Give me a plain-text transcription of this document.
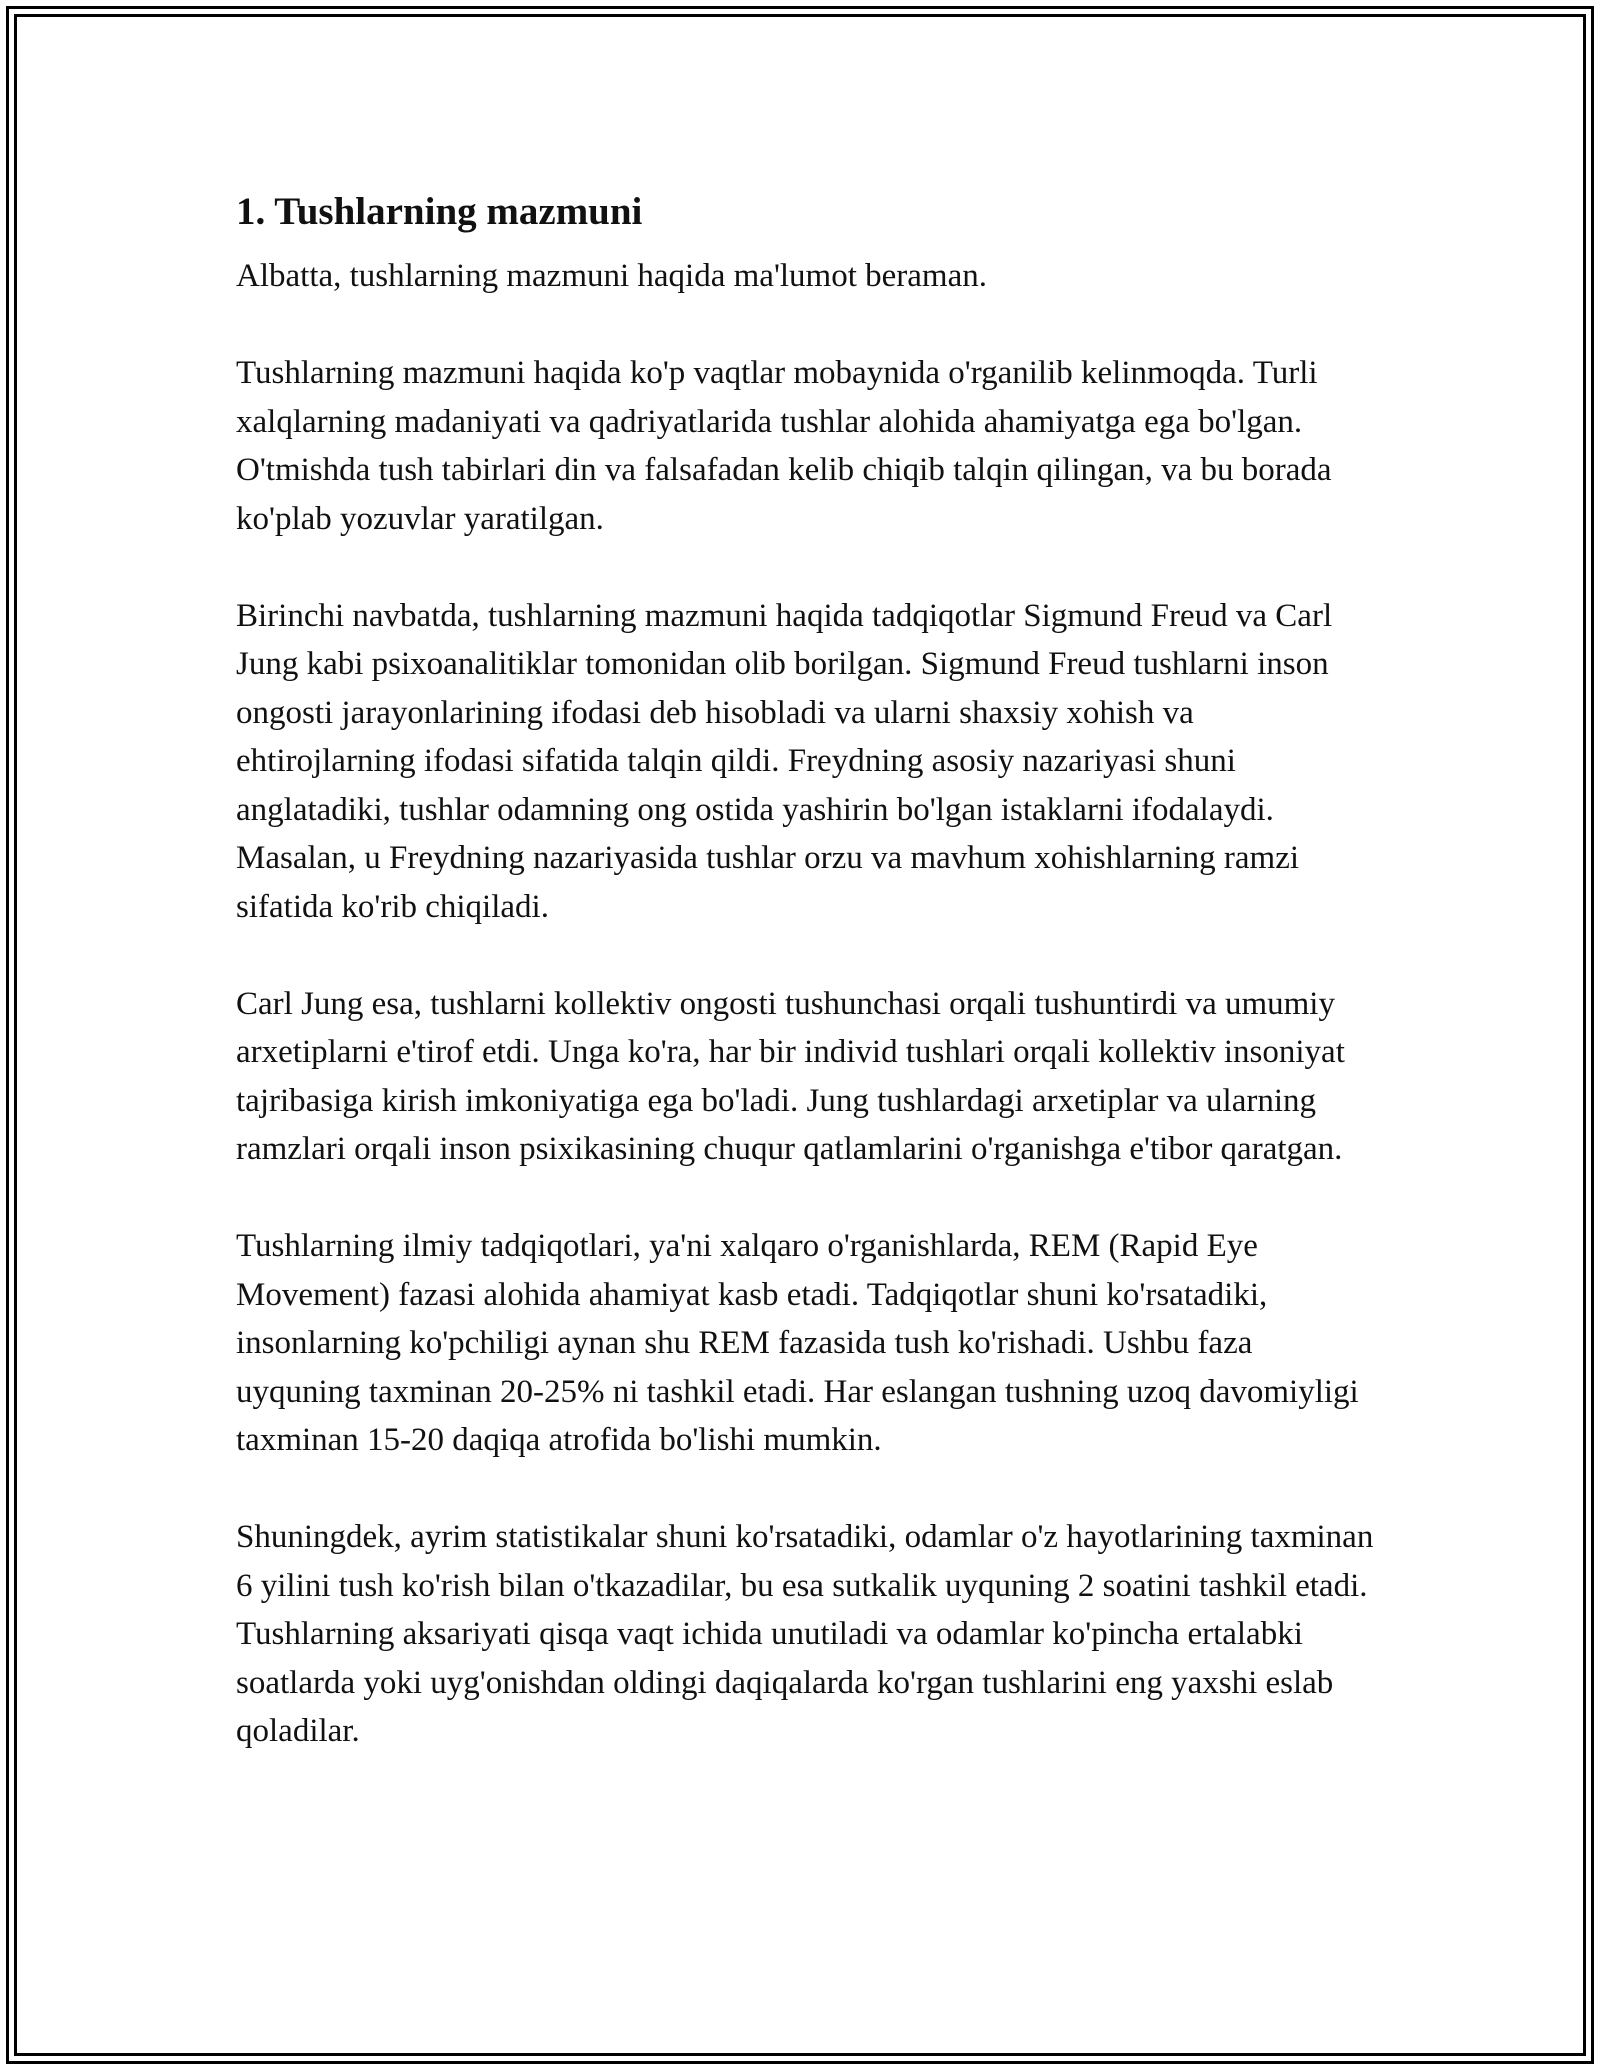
1. Tushlarning mazmuni

Albatta, tushlarning mazmuni haqida ma'lumot beraman.

Tushlarning mazmuni haqida ko'p vaqtlar mobaynida o'rganilib kelinmoqda. Turli xalqlarning madaniyati va qadriyatlarida tushlar alohida ahamiyatga ega bo'lgan. O'tmishda tush tabirlari din va falsafadan kelib chiqib talqin qilingan, va bu borada ko'plab yozuvlar yaratilgan.

Birinchi navbatda, tushlarning mazmuni haqida tadqiqotlar Sigmund Freud va Carl Jung kabi psixoanalitiklar tomonidan olib borilgan. Sigmund Freud tushlarni inson ongosti jarayonlarining ifodasi deb hisobladi va ularni shaxsiy xohish va ehtirojlarning ifodasi sifatida talqin qildi. Freydning asosiy nazariyasi shuni anglatadiki, tushlar odamning ong ostida yashirin bo'lgan istaklarni ifodalaydi. Masalan, u Freydning nazariyasida tushlar orzu va mavhum xohishlarning ramzi sifatida ko'rib chiqiladi.

Carl Jung esa, tushlarni kollektiv ongosti tushunchasi orqali tushuntirdi va umumiy arxetiplarni e'tirof etdi. Unga ko'ra, har bir individ tushlari orqali kollektiv insoniyat tajribasiga kirish imkoniyatiga ega bo'ladi. Jung tushlardagi arxetiplar va ularning ramzlari orqali inson psixikasining chuqur qatlamlarini o'rganishga e'tibor qaratgan.

Tushlarning ilmiy tadqiqotlari, ya'ni xalqaro o'rganishlarda, REM (Rapid Eye Movement) fazasi alohida ahamiyat kasb etadi. Tadqiqotlar shuni ko'rsatadiki, insonlarning ko'pchiligi aynan shu REM fazasida tush ko'rishadi. Ushbu faza uyquning taxminan 20-25% ni tashkil etadi. Har eslangan tushning uzoq davomiyligi taxminan 15-20 daqiqa atrofida bo'lishi mumkin.

Shuningdek, ayrim statistikalar shuni ko'rsatadiki, odamlar o'z hayotlarining taxminan 6 yilini tush ko'rish bilan o'tkazadilar, bu esa sutkalik uyquning 2 soatini tashkil etadi. Tushlarning aksariyati qisqa vaqt ichida unutiladi va odamlar ko'pincha ertalabki soatlarda yoki uyg'onishdan oldingi daqiqalarda ko'rgan tushlarini eng yaxshi eslab qoladilar.
